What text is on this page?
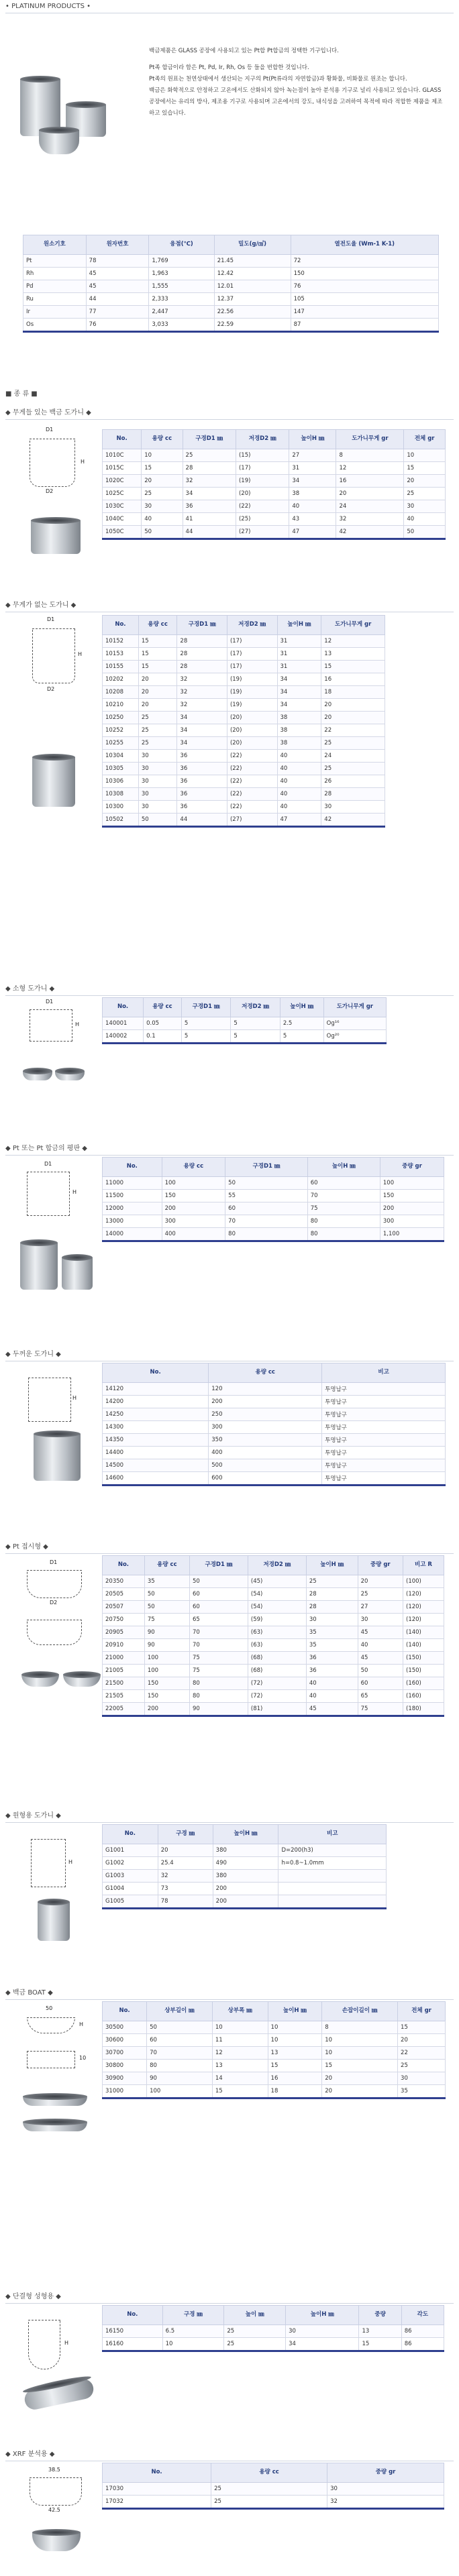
• PLATINUM PRODUCTS •
백금제품은 GLASS 공장에 사용되고 있는 Pt합 Pt합금의 정택한 기구입니다.
Pt족 합금이라 함은 Pt, Pd, Ir, Rh, Os 등 들을 번합한 것입니다.
Pt족의 원표는 천연상태에서 생산되는 지구의 Pt(Pt류라의 자연합금)과 황화물, 비화물로 원조는 합니다.
백금은 화학적으로 안정하고 고온에서도 산화되지 않아 녹는점이 높아 분석용 기구로 널리 사용되고 있습니다. GLASS 공장에서는 유리의 방사, 제조용 기구로 사용되며 고온에서의 강도, 내식성을 고려하여 목적에 따라 적합한 제품을 제조하고 있습니다.
원소기호	원자번호	융점(℃)	밀도(g/㎤)	열전도율 (Wm-1 K-1)
Pt	78	1,769	21.45	72
Rh	45	1,963	12.42	150
Pd	45	1,555	12.01	76
Ru	44	2,333	12.37	105
Ir	77	2,447	22.56	147
Os	76	3,033	22.59	87
■ 종 류 ■
◆ 무게들 있는 백금 도가니 ◆
D1
D2
H
No.	용량 cc	구경D1 ㎜	저경D2 ㎜	높이H ㎜	도가니무게 gr	전체 gr
1010C	10	25	(15)	27	8	10
1015C	15	28	(17)	31	12	15
1020C	20	32	(19)	34	16	20
1025C	25	34	(20)	38	20	25
1030C	30	36	(22)	40	24	30
1040C	40	41	(25)	43	32	40
1050C	50	44	(27)	47	42	50
◆ 무게가 없는 도가니 ◆
D1
D2
H
No.	용량 cc	구경D1 ㎜	저경D2 ㎜	높이H ㎜	도가니무게 gr
10152	15	28	(17)	31	12
10153	15	28	(17)	31	13
10155	15	28	(17)	31	15
10202	20	32	(19)	34	16
10208	20	32	(19)	34	18
10210	20	32	(19)	34	20
10250	25	34	(20)	38	20
10252	25	34	(20)	38	22
10255	25	34	(20)	38	25
10304	30	36	(22)	40	24
10305	30	36	(22)	40	25
10306	30	36	(22)	40	26
10308	30	36	(22)	40	28
10300	30	36	(22)	40	30
10502	50	44	(27)	47	42
◆ 소형 도가니 ◆
D1
H
No.	용량 cc	구경D1 ㎜	저경D2 ㎜	높이H ㎜	도가니무게 gr
140001	0.05	5	5	2.5	Og¹⁶
140002	0.1	5	5	5	Og²⁰
◆ Pt 또는 Pt 합금의 평판 ◆
D1
H
No.	용량 cc	구경D1 ㎜	높이H ㎜	중량 gr
11000	100	50	60	100
11500	150	55	70	150
12000	200	60	75	200
13000	300	70	80	300
14000	400	80	80	1,100
◆ 두꺼운 도가니 ◆
H
No.	용량 cc	비고
14120	120	투명납구
14200	200	투명납구
14250	250	투명납구
14300	300	투명납구
14350	350	투명납구
14400	400	투명납구
14500	500	투명납구
14600	600	투명납구
◆ Pt 접시형 ◆
D1
D2
No.	용량 cc	구경D1 ㎜	저경D2 ㎜	높이H ㎜	중량 gr	비고 R
20350	35	50	(45)	25	20	(100)
20505	50	60	(54)	28	25	(120)
20507	50	60	(54)	28	27	(120)
20750	75	65	(59)	30	30	(120)
20905	90	70	(63)	35	45	(140)
20910	90	70	(63)	35	40	(140)
21000	100	75	(68)	36	45	(150)
21005	100	75	(68)	36	50	(150)
21500	150	80	(72)	40	60	(160)
21505	150	80	(72)	40	65	(160)
22005	200	90	(81)	45	75	(180)
◆ 원형용 도가니 ◆
H
No.	구경 ㎜	높이H ㎜	비고
G1001	20	380	D=200(h3)
G1002	25.4	490	h=0.8~1.0mm
G1003	32	380	
G1004	73	200	
G1005	78	200	
◆ 백금 BOAT ◆
50
H
10
No.	상부길이 ㎜	상부폭 ㎜	높이H ㎜	손잡이길이 ㎜	전체 gr
30500	50	10	10	8	15
30600	60	11	10	10	20
30700	70	12	13	10	22
30800	80	13	15	15	25
30900	90	14	16	20	30
31000	100	15	18	20	35
◆ 단결형 성형용 ◆
H
No.	구경 ㎜	높이 ㎜	높이H ㎜	중량	각도
16150	6.5	25	30	13	86
16160	10	25	34	15	86
◆ XRF 분석용 ◆
38.5
42.5
No.	용량 cc	중량 gr
17030	25	30
17032	25	32
